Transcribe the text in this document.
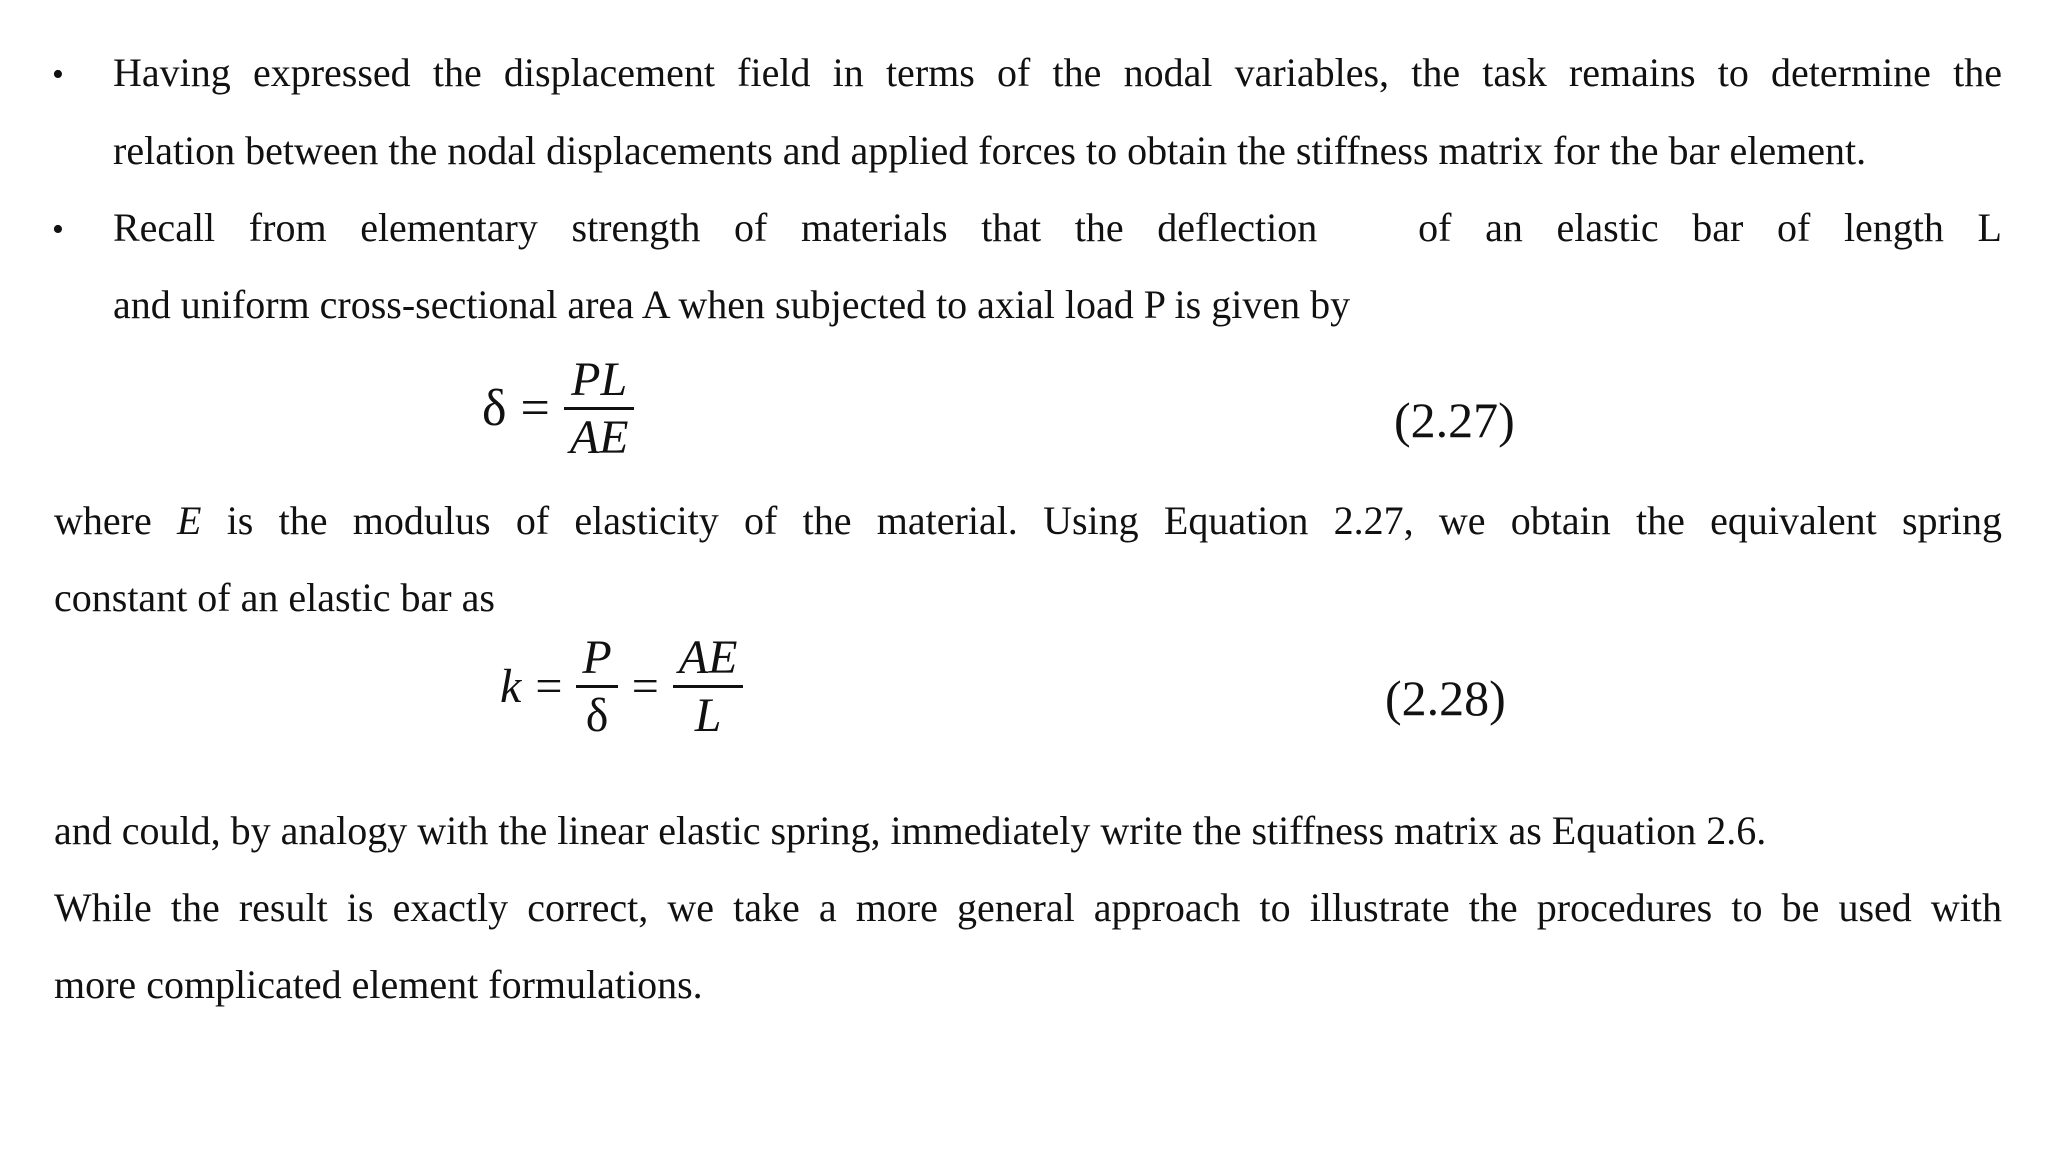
• Having expressed the displacement field in terms of the nodal variables, the task remains to determine the
relation between the nodal displacements and applied forces to obtain the stiffness matrix for the bar element.
• Recall from elementary strength of materials that the deflection   of an elastic bar of length L
and uniform cross-sectional area A when subjected to axial load P is given by
$\delta = \frac{PL}{AE}$	(2.27)
where E is the modulus of elasticity of the material. Using Equation 2.27, we obtain the equivalent spring
constant of an elastic bar as
$k = \frac{P}{\delta} = \frac{AE}{L}$	(2.28)
and could, by analogy with the linear elastic spring, immediately write the stiffness matrix as Equation 2.6.
While the result is exactly correct, we take a more general approach to illustrate the procedures to be used with
more complicated element formulations.
